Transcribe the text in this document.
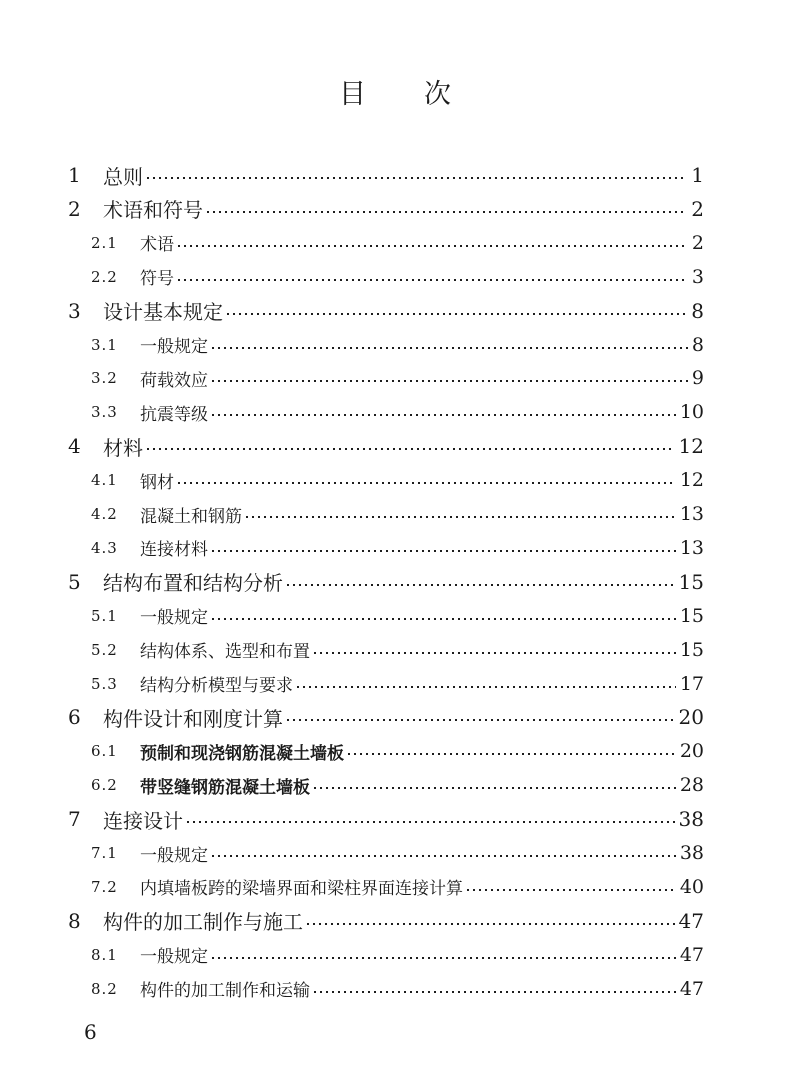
目 次
1 总则	1
2 术语和符号	2
2.1 术语	2
2.2 符号	3
3 设计基本规定	8
3.1 一般规定	8
3.2 荷载效应	9
3.3 抗震等级	10
4 材料	12
4.1 钢材	12
4.2 混凝土和钢筋	13
4.3 连接材料	13
5 结构布置和结构分析	15
5.1 一般规定	15
5.2 结构体系、选型和布置	15
5.3 结构分析模型与要求	17
6 构件设计和刚度计算	20
6.1 预制和现浇钢筋混凝土墙板	20
6.2 带竖缝钢筋混凝土墙板	28
7 连接设计	38
7.1 一般规定	38
7.2 内填墙板跨的梁墙界面和梁柱界面连接计算	40
8 构件的加工制作与施工	47
8.1 一般规定	47
8.2 构件的加工制作和运输	47
6
